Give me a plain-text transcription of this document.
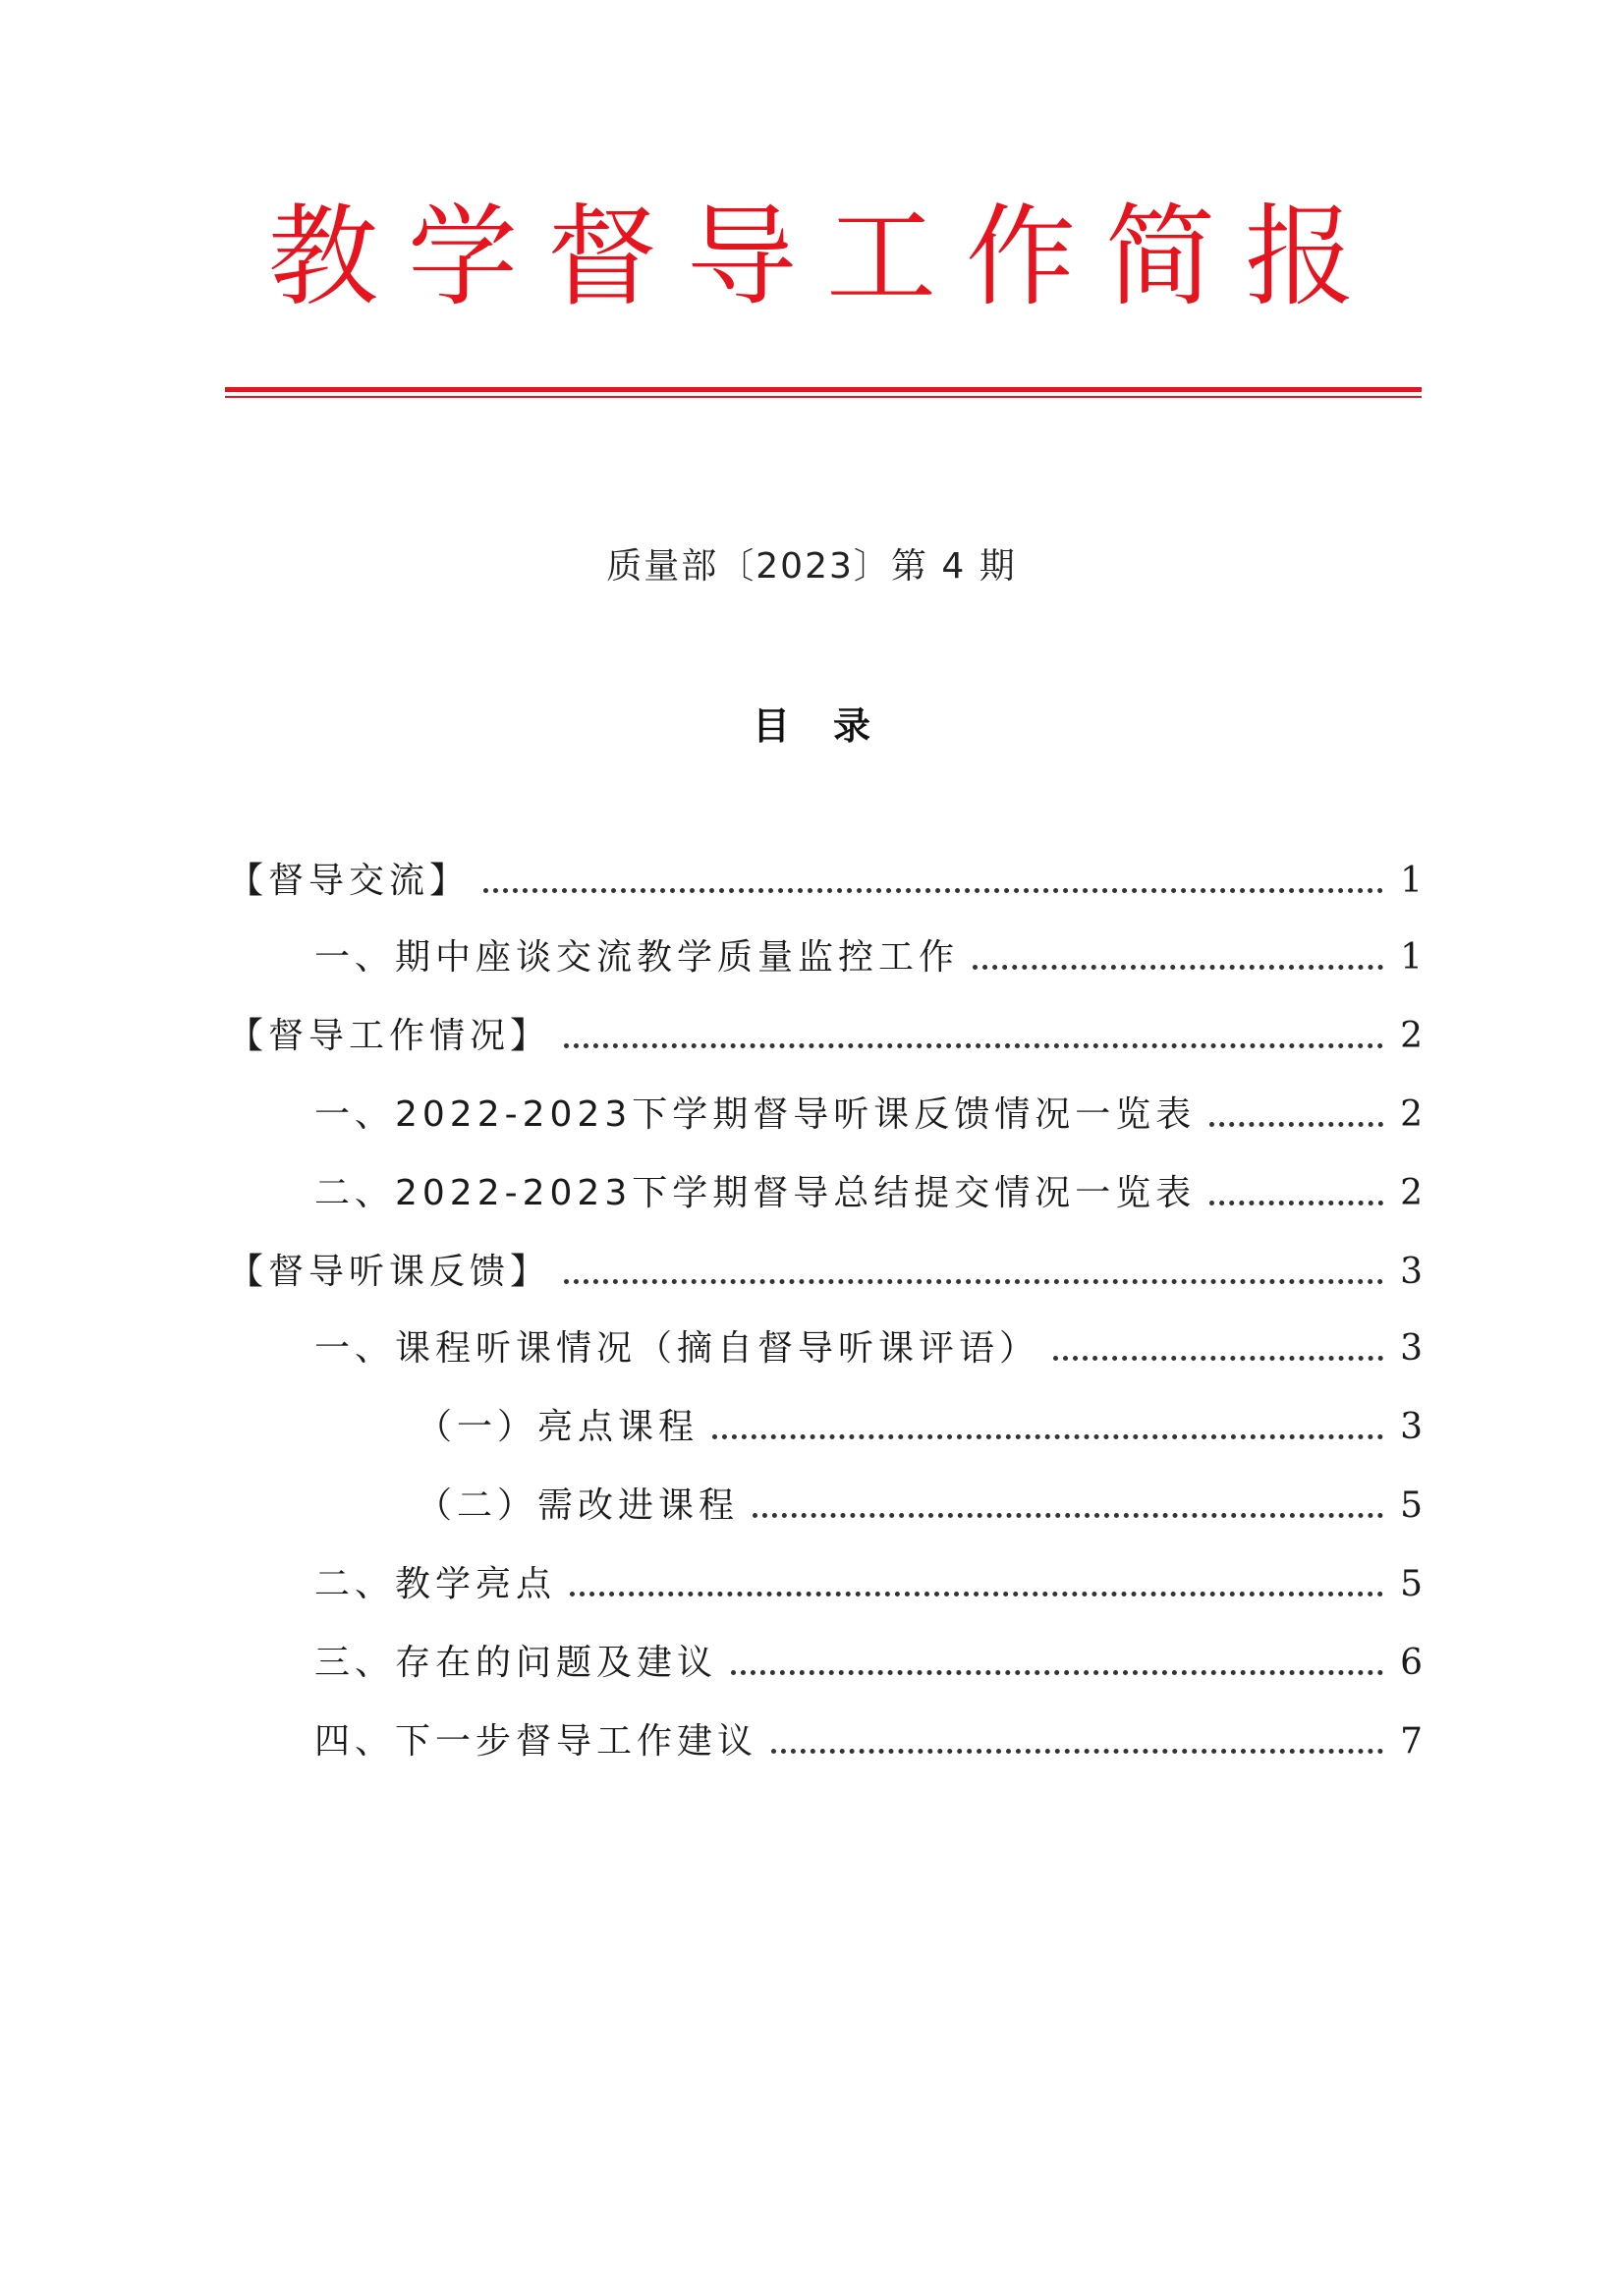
教学督导工作简报
质量部〔2023〕第 4 期
目录
【督导交流】	1
一、期中座谈交流教学质量监控工作	1
【督导工作情况】	2
一、2022-2023下学期督导听课反馈情况一览表	2
二、2022-2023下学期督导总结提交情况一览表	2
【督导听课反馈】	3
一、课程听课情况（摘自督导听课评语）	3
（一）亮点课程	3
（二）需改进课程	5
二、教学亮点	5
三、存在的问题及建议	6
四、下一步督导工作建议	7
